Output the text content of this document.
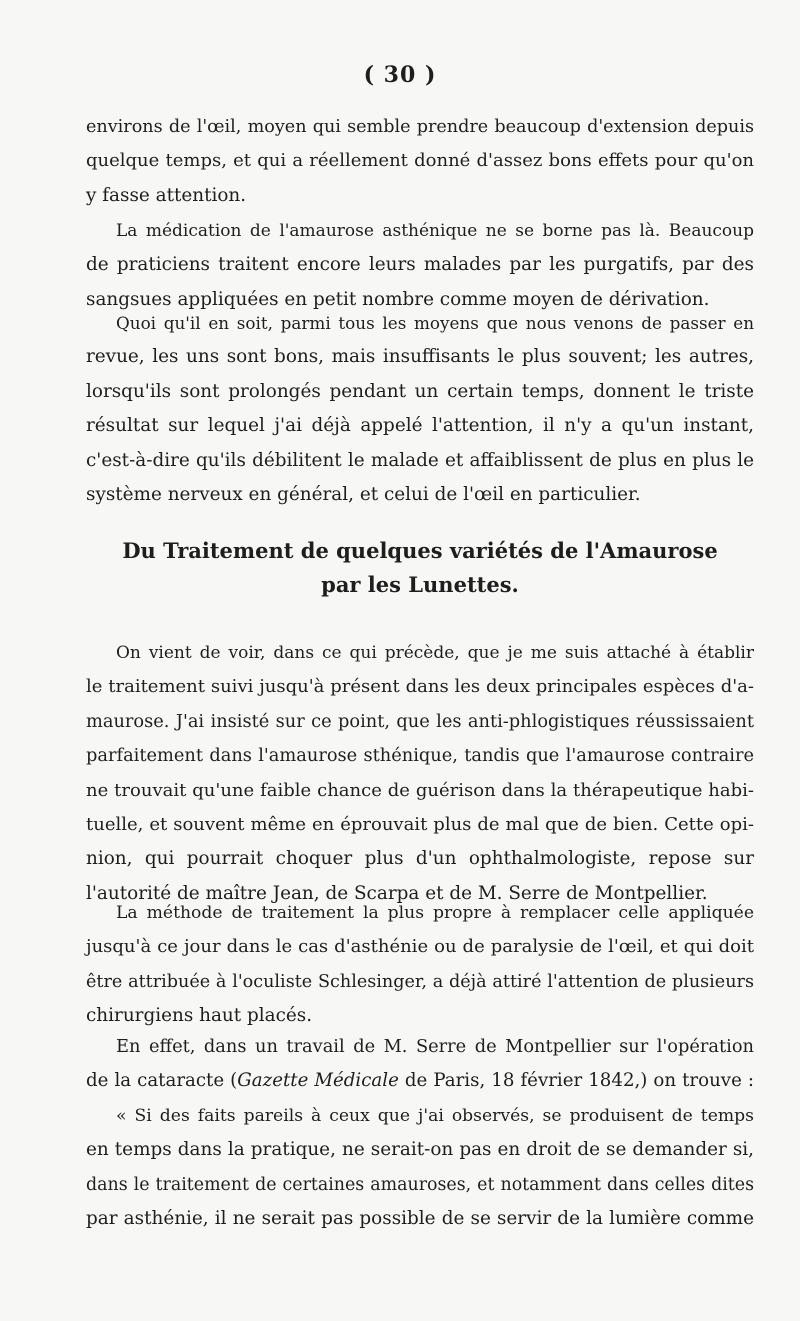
( 30 )
environs de l'œil, moyen qui semble prendre beaucoup d'extension depuis
quelque temps, et qui a réellement donné d'assez bons effets pour qu'on
y fasse attention.
La médication de l'amaurose asthénique ne se borne pas là. Beaucoup
de praticiens traitent encore leurs malades par les purgatifs, par des
sangsues appliquées en petit nombre comme moyen de dérivation.
Quoi qu'il en soit, parmi tous les moyens que nous venons de passer en
revue, les uns sont bons, mais insuffisants le plus souvent; les autres,
lorsqu'ils sont prolongés pendant un certain temps, donnent le triste
résultat sur lequel j'ai déjà appelé l'attention, il n'y a qu'un instant,
c'est-à-dire qu'ils débilitent le malade et affaiblissent de plus en plus le
système nerveux en général, et celui de l'œil en particulier.
Du Traitement de quelques variétés de l'Amaurose
par les Lunettes.
On vient de voir, dans ce qui précède, que je me suis attaché à établir
le traitement suivi jusqu'à présent dans les deux principales espèces d'a-
maurose. J'ai insisté sur ce point, que les anti-phlogistiques réussissaient
parfaitement dans l'amaurose sthénique, tandis que l'amaurose contraire
ne trouvait qu'une faible chance de guérison dans la thérapeutique habi-
tuelle, et souvent même en éprouvait plus de mal que de bien. Cette opi-
nion, qui pourrait choquer plus d'un ophthalmologiste, repose sur
l'autorité de maître Jean, de Scarpa et de M. Serre de Montpellier.
La méthode de traitement la plus propre à remplacer celle appliquée
jusqu'à ce jour dans le cas d'asthénie ou de paralysie de l'œil, et qui doit
être attribuée à l'oculiste Schlesinger, a déjà attiré l'attention de plusieurs
chirurgiens haut placés.
En effet, dans un travail de M. Serre de Montpellier sur l'opération
de la cataracte (Gazette Médicale de Paris, 18 février 1842,) on trouve :
« Si des faits pareils à ceux que j'ai observés, se produisent de temps
en temps dans la pratique, ne serait-on pas en droit de se demander si,
dans le traitement de certaines amauroses, et notamment dans celles dites
par asthénie, il ne serait pas possible de se servir de la lumière comme
